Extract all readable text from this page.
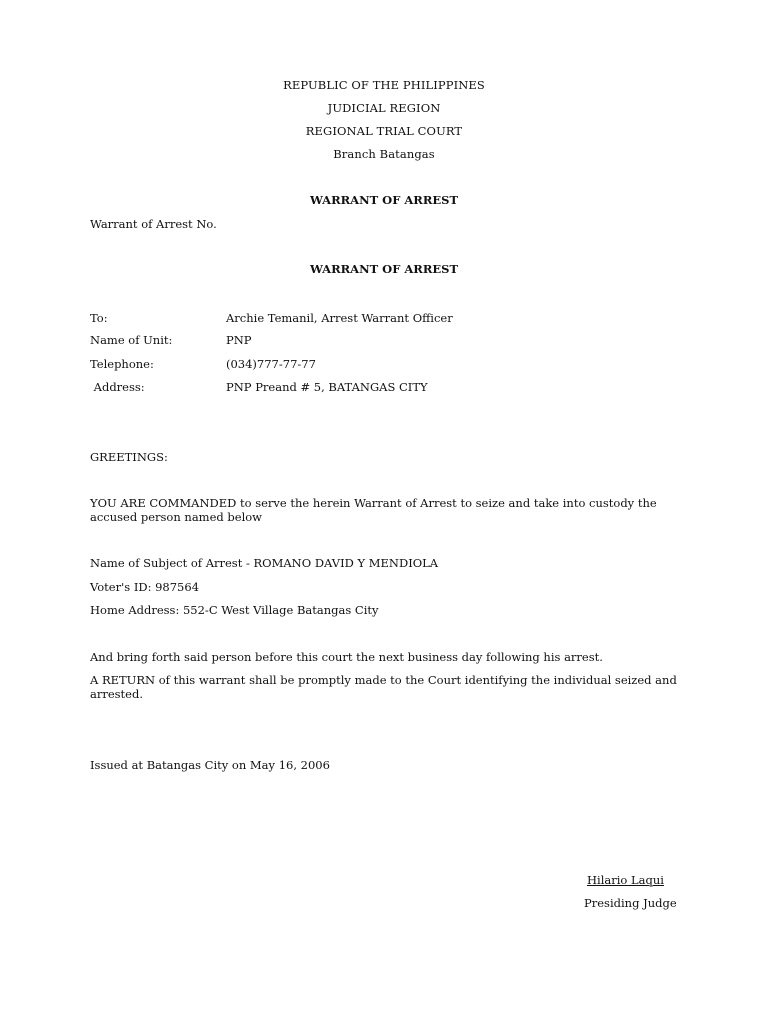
REPUBLIC OF THE PHILIPPINES
JUDICIAL REGION
REGIONAL TRIAL COURT
Branch Batangas
WARRANT OF ARREST
Warrant of Arrest No.
WARRANT OF ARREST
To:	Archie Temanil, Arrest Warrant Officer
Name of Unit:	PNP
Telephone:	(034)777-77-77
Address:	PNP Preand # 5, BATANGAS CITY
GREETINGS:
YOU ARE COMMANDED to serve the herein Warrant of Arrest to seize and take into custody the accused person named below
Name of Subject of Arrest - ROMANO DAVID Y MENDIOLA
Voter's ID: 987564
Home Address: 552-C West Village Batangas City
And bring forth said person before this court the next business day following his arrest.
A RETURN of this warrant shall be promptly made to the Court identifying the individual seized and arrested.
Issued at Batangas City on May 16, 2006
Hilario Laqui
Presiding Judge
